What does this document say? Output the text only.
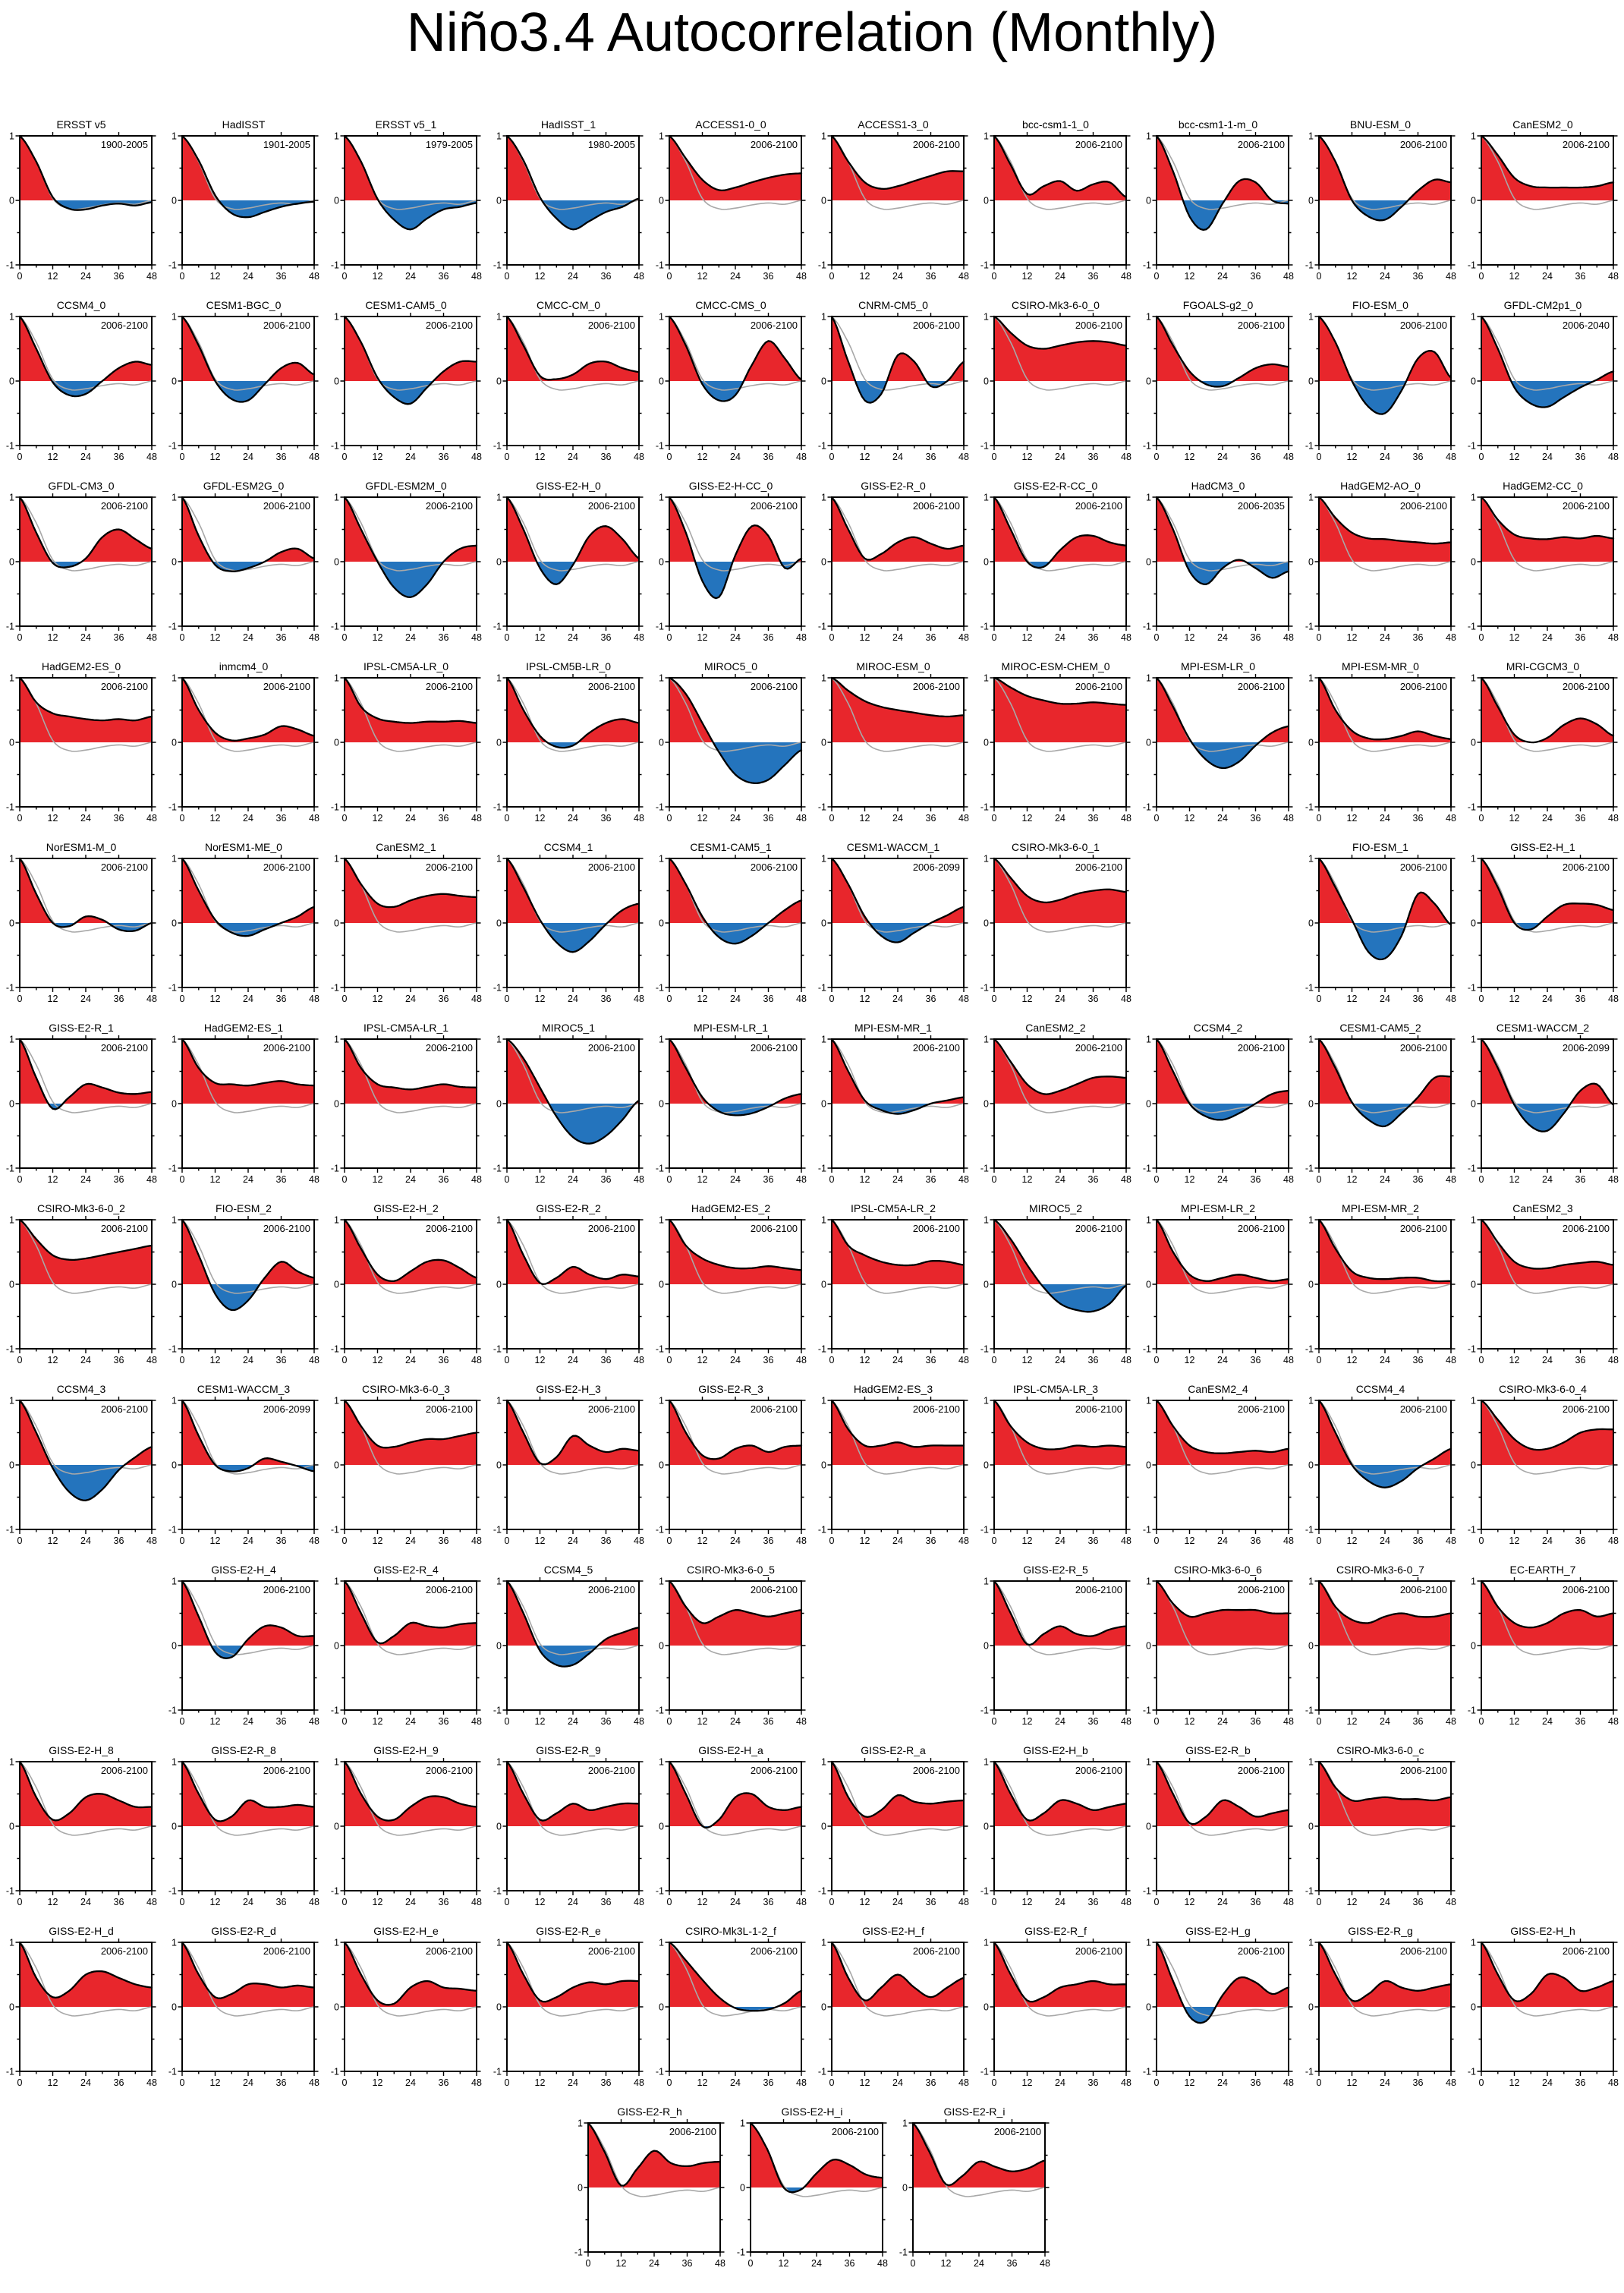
Niño3.4 Autocorrelation (Monthly)
ERSST v5
1
0
-1
0	12 24 36 48
1900-2005
HadISST
1
0
-1
0	12 24 36 48
1901-2005
ERSST v5_1
1
0
-1
0	12 24 36 48
1979-2005
HadISST_1
1
0
-1
0	12 24 36 48
1980-2005
ACCESS1-0_0
1
0
-1
0	12 24 36 48
2006-2100
ACCESS1-3_0
1
0
-1
0	12 24 36 48
2006-2100
bcc-csm1-1_0
1
0
-1
0	12 24 36 48
2006-2100
bcc-csm1-1-m_0
1
0
-1
0	12 24 36 48
2006-2100
BNU-ESM_0
1
0
-1
0	12 24 36 48
2006-2100
CanESM2_0
1
0
-1
0	12 24 36 48
2006-2100
CCSM4_0
1
0
-1
0	12 24 36 48
2006-2100
CESM1-BGC_0
1
0
-1
0	12 24 36 48
2006-2100
CESM1-CAM5_0
1
0
-1
0	12 24 36 48
2006-2100
CMCC-CM_0
1
0
-1
0	12 24 36 48
2006-2100
CMCC-CMS_0
1
0
-1
0	12 24 36 48
2006-2100
CNRM-CM5_0
1
0
-1
0	12 24 36 48
2006-2100
CSIRO-Mk3-6-0_0
1
0
-1
0	12 24 36 48
2006-2100
FGOALS-g2_0
1
0
-1
0	12 24 36 48
2006-2100
FIO-ESM_0
1
0
-1
0	12 24 36 48
2006-2100
GFDL-CM2p1_0
1
0
-1
0	12 24 36 48
2006-2040
GFDL-CM3_0
1
0
-1
0	12 24 36 48
2006-2100
GFDL-ESM2G_0
1
0
-1
0	12 24 36 48
2006-2100
GFDL-ESM2M_0
1
0
-1
0	12 24 36 48
2006-2100
GISS-E2-H_0
1
0
-1
0	12 24 36 48
2006-2100
GISS-E2-H-CC_0
1
0
-1
0	12 24 36 48
2006-2100
GISS-E2-R_0
1
0
-1
0	12 24 36 48
2006-2100
GISS-E2-R-CC_0
1
0
-1
0	12 24 36 48
2006-2100
HadCM3_0
1
0
-1
0	12 24 36 48
2006-2035
HadGEM2-AO_0
1
0
-1
0	12 24 36 48
2006-2100
HadGEM2-CC_0
1
0
-1
0	12 24 36 48
2006-2100
HadGEM2-ES_0
1
0
-1
0	12 24 36 48
2006-2100
inmcm4_0
1
0
-1
0	12 24 36 48
2006-2100
IPSL-CM5A-LR_0
1
0
-1
0	12 24 36 48
2006-2100
IPSL-CM5B-LR_0
1
0
-1
0	12 24 36 48
2006-2100
MIROC5_0
1
0
-1
0	12 24 36 48
2006-2100
MIROC-ESM_0
1
0
-1
0	12 24 36 48
2006-2100
MIROC-ESM-CHEM_0
1
0
-1
0	12 24 36 48
2006-2100
MPI-ESM-LR_0
1
0
-1
0	12 24 36 48
2006-2100
MPI-ESM-MR_0
1
0
-1
0	12 24 36 48
2006-2100
MRI-CGCM3_0
1
0
-1
0	12 24 36 48
2006-2100
NorESM1-M_0
1
0
-1
0	12 24 36 48
2006-2100
NorESM1-ME_0
1
0
-1
0	12 24 36 48
2006-2100
CanESM2_1
1
0
-1
0	12 24 36 48
2006-2100
CCSM4_1
1
0
-1
0	12 24 36 48
2006-2100
CESM1-CAM5_1
1
0
-1
0	12 24 36 48
2006-2100
CESM1-WACCM_1
1
0
-1
0	12 24 36 48
2006-2099
CSIRO-Mk3-6-0_1
1
0
-1
0	12 24 36 48
2006-2100
FIO-ESM_1
1
0
-1
0	12 24 36 48
2006-2100
GISS-E2-H_1
1
0
-1
0	12 24 36 48
2006-2100
GISS-E2-R_1
1
0
-1
0	12 24 36 48
2006-2100
HadGEM2-ES_1
1
0
-1
0	12 24 36 48
2006-2100
IPSL-CM5A-LR_1
1
0
-1
0	12 24 36 48
2006-2100
MIROC5_1
1
0
-1
0	12 24 36 48
2006-2100
MPI-ESM-LR_1
1
0
-1
0	12 24 36 48
2006-2100
MPI-ESM-MR_1
1
0
-1
0	12 24 36 48
2006-2100
CanESM2_2
1
0
-1
0	12 24 36 48
2006-2100
CCSM4_2
1
0
-1
0	12 24 36 48
2006-2100
CESM1-CAM5_2
1
0
-1
0	12 24 36 48
2006-2100
CESM1-WACCM_2
1
0
-1
0	12 24 36 48
2006-2099
CSIRO-Mk3-6-0_2
1
0
-1
0	12 24 36 48
2006-2100
FIO-ESM_2
1
0
-1
0	12 24 36 48
2006-2100
GISS-E2-H_2
1
0
-1
0	12 24 36 48
2006-2100
GISS-E2-R_2
1
0
-1
0	12 24 36 48
2006-2100
HadGEM2-ES_2
1
0
-1
0	12 24 36 48
2006-2100
IPSL-CM5A-LR_2
1
0
-1
0	12 24 36 48
2006-2100
MIROC5_2
1
0
-1
0	12 24 36 48
2006-2100
MPI-ESM-LR_2
1
0
-1
0	12 24 36 48
2006-2100
MPI-ESM-MR_2
1
0
-1
0	12 24 36 48
2006-2100
CanESM2_3
1
0
-1
0	12 24 36 48
2006-2100
CCSM4_3
1
0
-1
0	12 24 36 48
2006-2100
CESM1-WACCM_3
1
0
-1
0	12 24 36 48
2006-2099
CSIRO-Mk3-6-0_3
1
0
-1
0	12 24 36 48
2006-2100
GISS-E2-H_3
1
0
-1
0	12 24 36 48
2006-2100
GISS-E2-R_3
1
0
-1
0	12 24 36 48
2006-2100
HadGEM2-ES_3
1
0
-1
0	12 24 36 48
2006-2100
IPSL-CM5A-LR_3
1
0
-1
0	12 24 36 48
2006-2100
CanESM2_4
1
0
-1
0	12 24 36 48
2006-2100
CCSM4_4
1
0
-1
0	12 24 36 48
2006-2100
CSIRO-Mk3-6-0_4
1
0
-1
0	12 24 36 48
2006-2100
GISS-E2-H_4
1
0
-1
0	12 24 36 48
2006-2100
GISS-E2-R_4
1
0
-1
0	12 24 36 48
2006-2100
CCSM4_5
1
0
-1
0	12 24 36 48
2006-2100
CSIRO-Mk3-6-0_5
1
0
-1
0	12 24 36 48
2006-2100
GISS-E2-R_5
1
0
-1
0	12 24 36 48
2006-2100
CSIRO-Mk3-6-0_6
1
0
-1
0	12 24 36 48
2006-2100
CSIRO-Mk3-6-0_7
1
0
-1
0	12 24 36 48
2006-2100
EC-EARTH_7
1
0
-1
0	12 24 36 48
2006-2100
GISS-E2-H_8
1
0
-1
0	12 24 36 48
2006-2100
GISS-E2-R_8
1
0
-1
0	12 24 36 48
2006-2100
GISS-E2-H_9
1
0
-1
0	12 24 36 48
2006-2100
GISS-E2-R_9
1
0
-1
0	12 24 36 48
2006-2100
GISS-E2-H_a
1
0
-1
0	12 24 36 48
2006-2100
GISS-E2-R_a
1
0
-1
0	12 24 36 48
2006-2100
GISS-E2-H_b
1
0
-1
0	12 24 36 48
2006-2100
GISS-E2-R_b
1
0
-1
0	12 24 36 48
2006-2100
CSIRO-Mk3-6-0_c
1
0
-1
0	12 24 36 48
2006-2100
GISS-E2-H_d
1
0
-1
0	12 24 36 48
2006-2100
GISS-E2-R_d
1
0
-1
0	12 24 36 48
2006-2100
GISS-E2-H_e
1
0
-1
0	12 24 36 48
2006-2100
GISS-E2-R_e
1
0
-1
0	12 24 36 48
2006-2100
CSIRO-Mk3L-1-2_f
1
0
-1
0	12 24 36 48
2006-2100
GISS-E2-H_f
1
0
-1
0	12 24 36 48
2006-2100
GISS-E2-R_f
1
0
-1
0	12 24 36 48
2006-2100
GISS-E2-H_g
1
0
-1
0	12 24 36 48
2006-2100
GISS-E2-R_g
1
0
-1
0	12 24 36 48
2006-2100
GISS-E2-H_h
1
0
-1
0	12 24 36 48
2006-2100
GISS-E2-R_h
1
0
-1
0	12 24 36 48
2006-2100
GISS-E2-H_i
1
0
-1
0	12 24 36 48
2006-2100
GISS-E2-R_i
1
0
-1
0	12 24 36 48
2006-2100
